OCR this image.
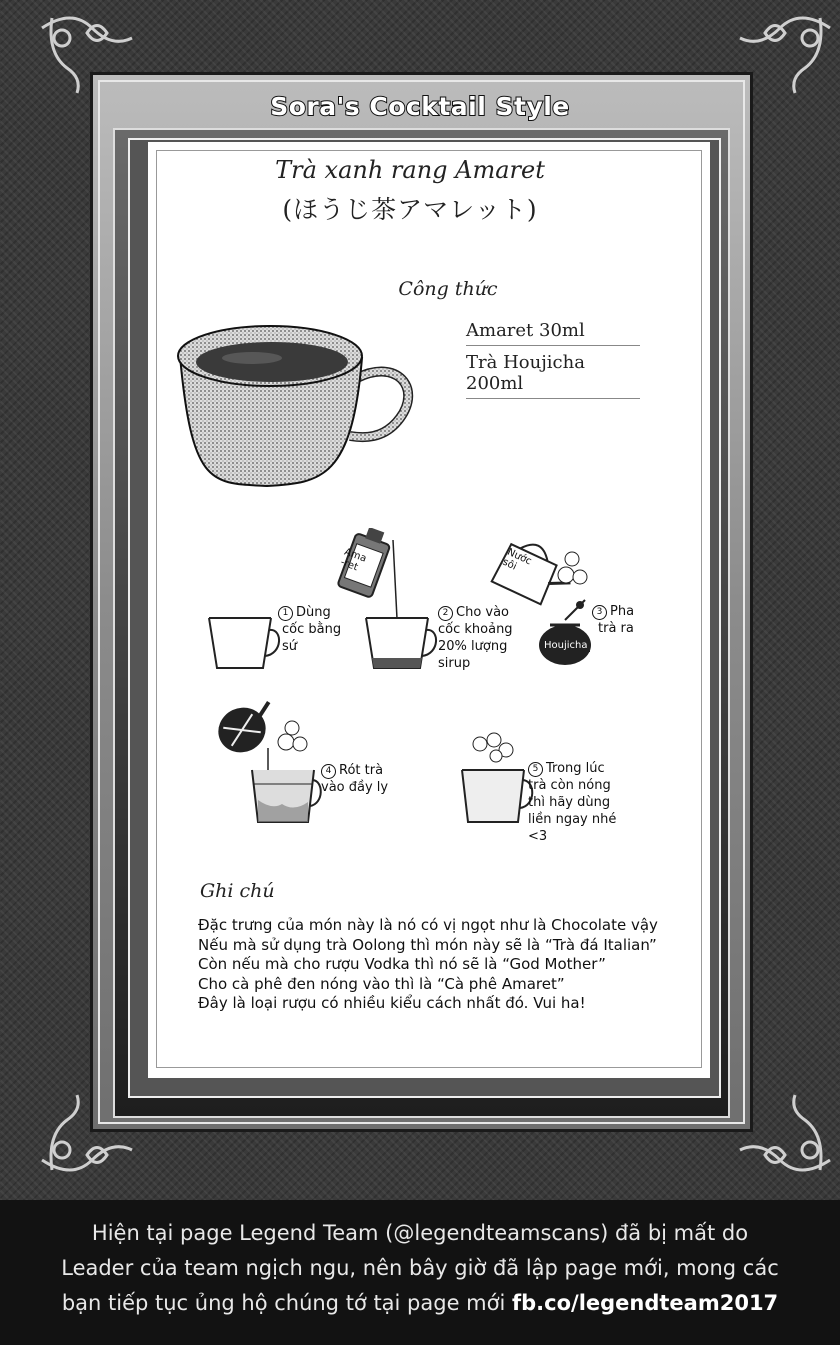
Sora's Cocktail Style
Trà xanh rang Amaret
(ほうじ茶アマレット)
Công thức
Amaret 30ml
Trà Houjicha 200ml
1 Dùng
cốc bằng
sứ
Ama -ret
2 Cho vào
cốc khoảng
20% lượng
sirup
Nước sôi
Houjicha
3 Pha
trà ra
4 Rót trà
vào đầy ly
5 Trong lúc
trà còn nóng
thì hãy dùng
liền ngay nhé
<3
Ghi chú
Đặc trưng của món này là nó có vị ngọt như là Chocolate vậy
Nếu mà sử dụng trà Oolong thì món này sẽ là “Trà đá Italian”
Còn nếu mà cho rượu Vodka thì nó sẽ là “God Mother”
Cho cà phê đen nóng vào thì là “Cà phê Amaret”
Đây là loại rượu có nhiều kiểu cách nhất đó. Vui ha!
Hiện tại page Legend Team (@legendteamscans) đã bị mất do
Leader của team ngịch ngu, nên bây giờ đã lập page mới, mong các
bạn tiếp tục ủng hộ chúng tớ tại page mới fb.co/legendteam2017
